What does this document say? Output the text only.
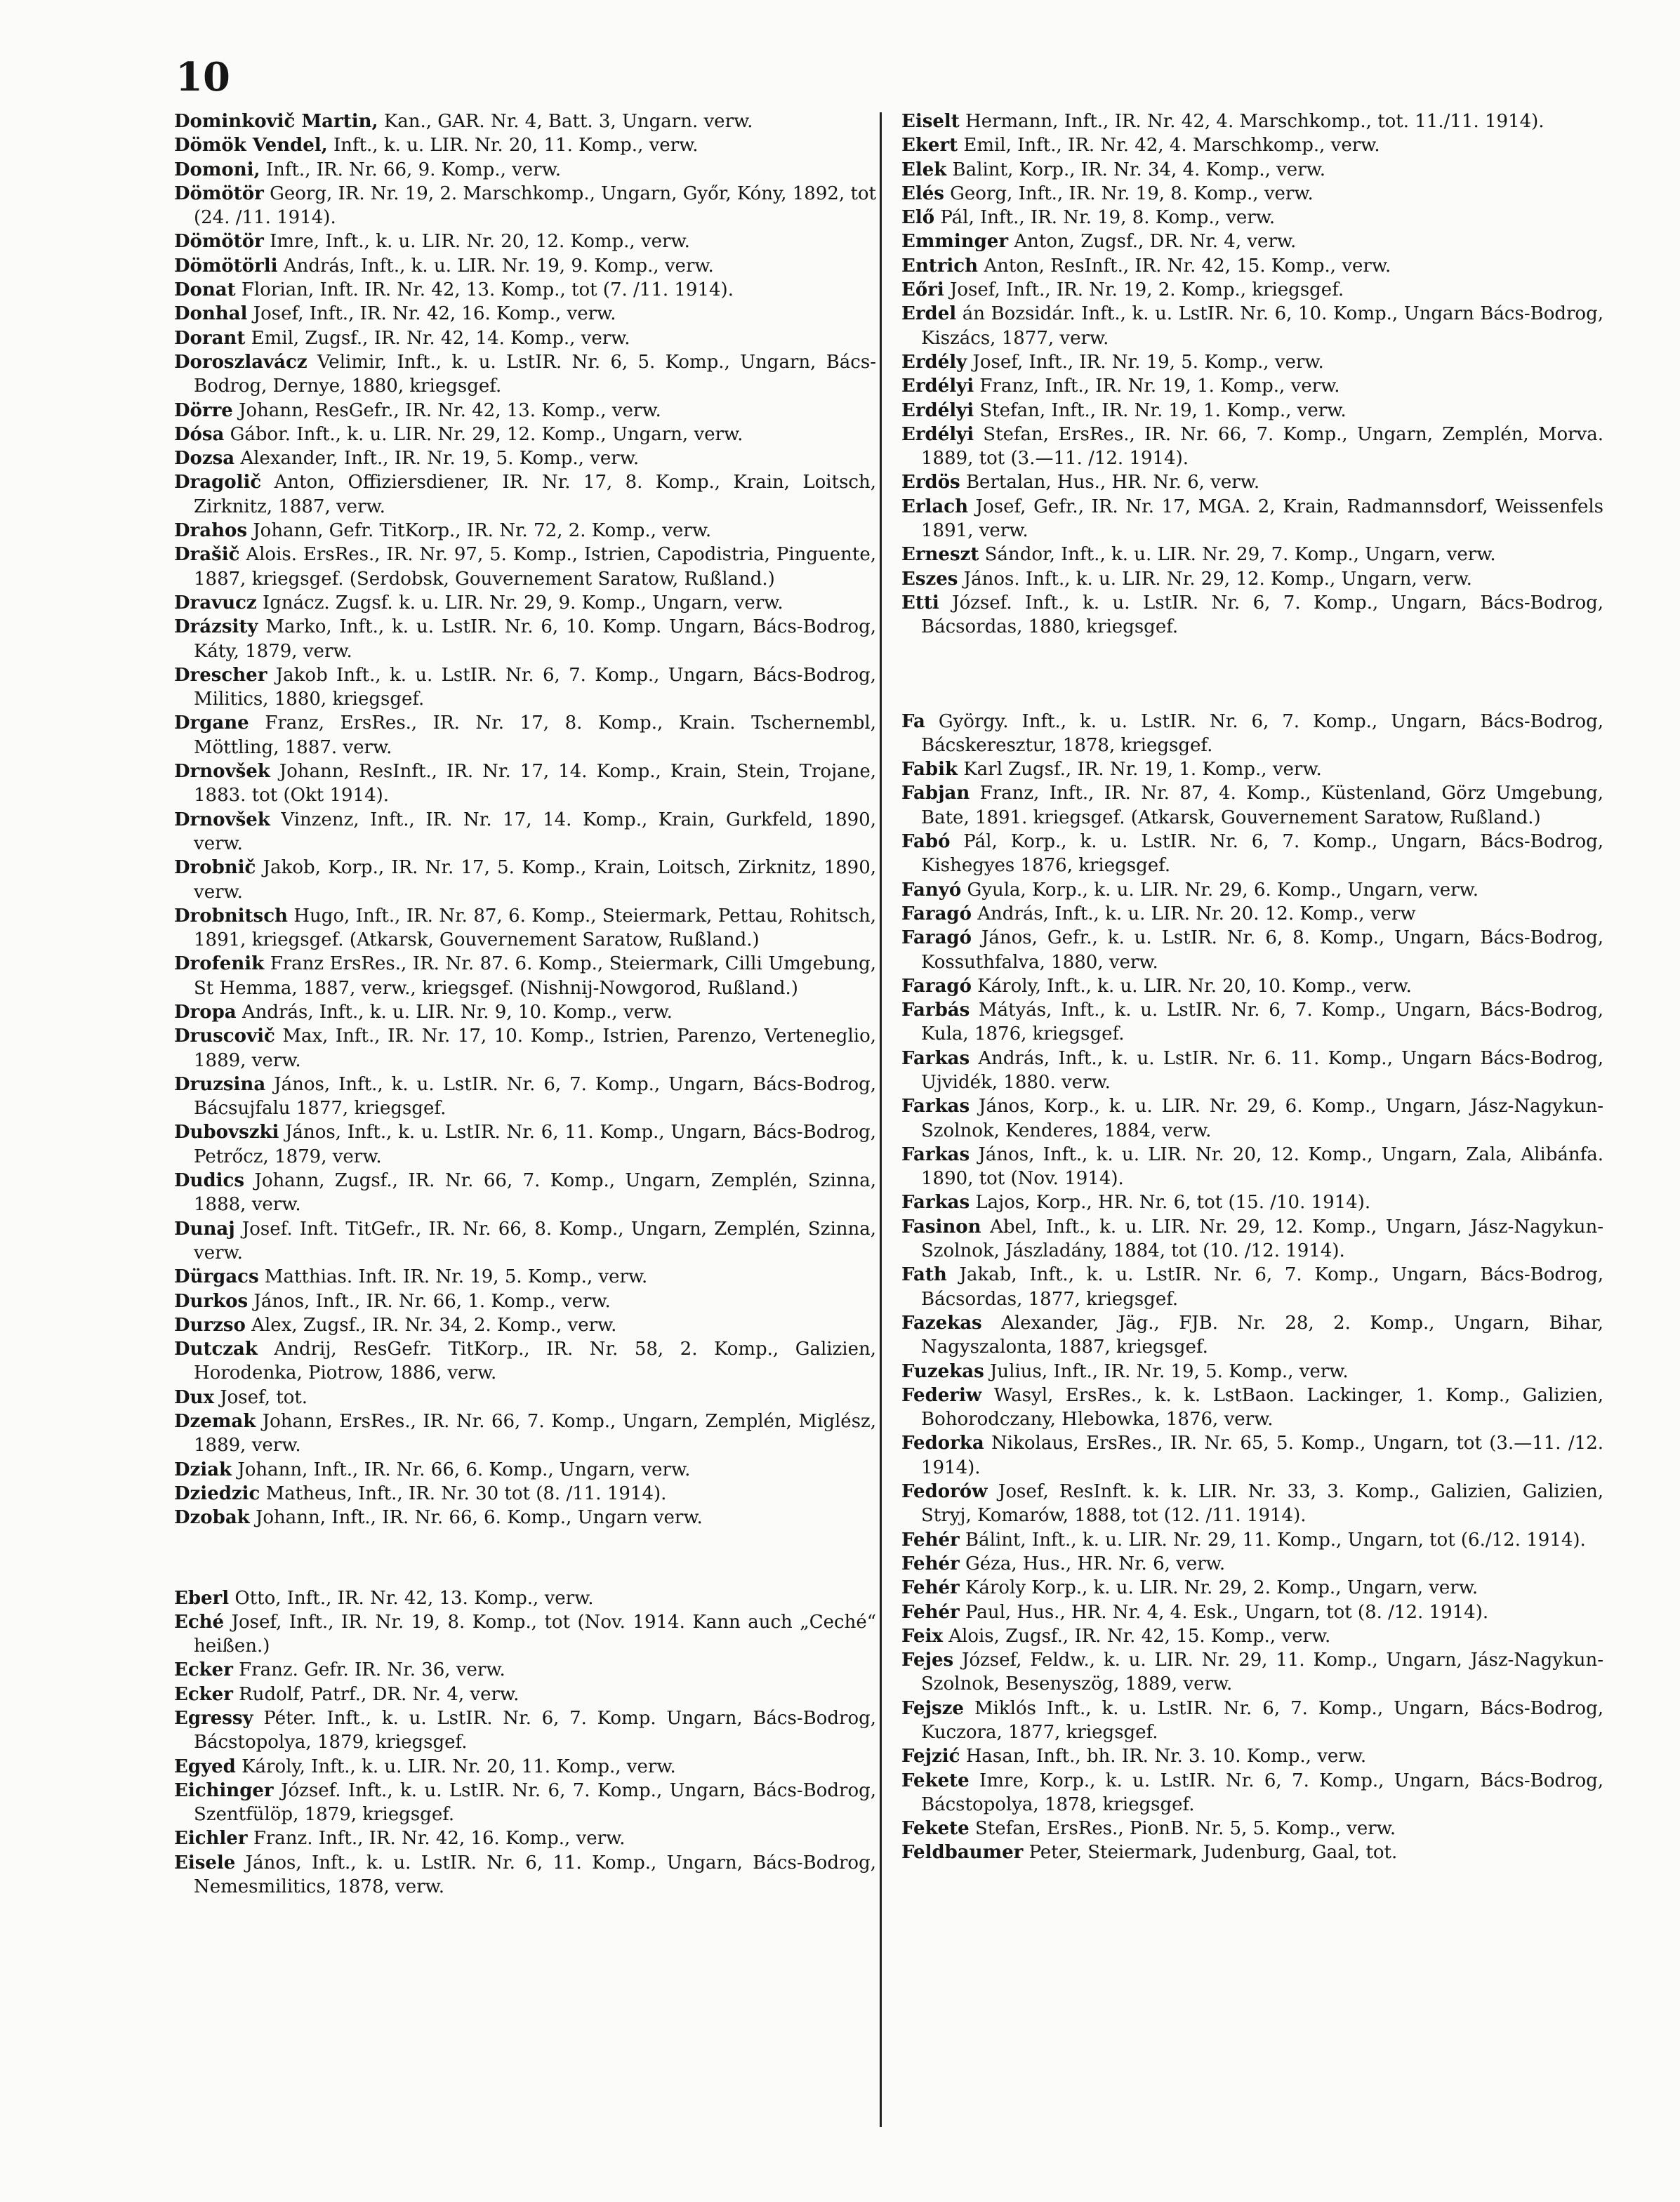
10

Dominkovič Martin, Kan., GAR. Nr. 4, Batt. 3, Ungarn. verw.

Dömök Vendel, Inft., k. u. LIR. Nr. 20, 11. Komp., verw.

Domoni, Inft., IR. Nr. 66, 9. Komp., verw.

Dömötör Georg, IR. Nr. 19, 2. Marschkomp., Ungarn, Győr, Kóny, 1892, tot (24. /11. 1914).

Dömötör Imre, Inft., k. u. LIR. Nr. 20, 12. Komp., verw.

Dömötörli András, Inft., k. u. LIR. Nr. 19, 9. Komp., verw.

Donat Florian, Inft. IR. Nr. 42, 13. Komp., tot (7. /11. 1914).

Donhal Josef, Inft., IR. Nr. 42, 16. Komp., verw.

Dorant Emil, Zugsf., IR. Nr. 42, 14. Komp., verw.

Doroszlavácz Velimir, Inft., k. u. LstIR. Nr. 6, 5. Komp., Ungarn, Bács-Bodrog, Dernye, 1880, kriegsgef.

Dörre Johann, ResGefr., IR. Nr. 42, 13. Komp., verw.

Dósa Gábor. Inft., k. u. LIR. Nr. 29, 12. Komp., Ungarn, verw.

Dozsa Alexander, Inft., IR. Nr. 19, 5. Komp., verw.

Dragolič Anton, Offiziersdiener, IR. Nr. 17, 8. Komp., Krain, Loitsch, Zirknitz, 1887, verw.

Drahos Johann, Gefr. TitKorp., IR. Nr. 72, 2. Komp., verw.

Drašič Alois. ErsRes., IR. Nr. 97, 5. Komp., Istrien, Capodistria, Pinguente, 1887, kriegsgef. (Serdobsk, Gouvernement Saratow, Rußland.)

Dravucz Ignácz. Zugsf. k. u. LIR. Nr. 29, 9. Komp., Ungarn, verw.

Drázsity Marko, Inft., k. u. LstIR. Nr. 6, 10. Komp. Ungarn, Bács-Bodrog, Káty, 1879, verw.

Drescher Jakob Inft., k. u. LstIR. Nr. 6, 7. Komp., Ungarn, Bács-Bodrog, Militics, 1880, kriegsgef.

Drgane Franz, ErsRes., IR. Nr. 17, 8. Komp., Krain. Tschernembl, Möttling, 1887. verw.

Drnovšek Johann, ResInft., IR. Nr. 17, 14. Komp., Krain, Stein, Trojane, 1883. tot (Okt 1914).

Drnovšek Vinzenz, Inft., IR. Nr. 17, 14. Komp., Krain, Gurkfeld, 1890, verw.

Drobnič Jakob, Korp., IR. Nr. 17, 5. Komp., Krain, Loitsch, Zirknitz, 1890, verw.

Drobnitsch Hugo, Inft., IR. Nr. 87, 6. Komp., Steiermark, Pettau, Rohitsch, 1891, kriegsgef. (Atkarsk, Gouvernement Saratow, Rußland.)

Drofenik Franz ErsRes., IR. Nr. 87. 6. Komp., Steiermark, Cilli Umgebung, St Hemma, 1887, verw., kriegsgef. (Nishnij-Nowgorod, Rußland.)

Dropa András, Inft., k. u. LIR. Nr. 9, 10. Komp., verw.

Druscovič Max, Inft., IR. Nr. 17, 10. Komp., Istrien, Parenzo, Verteneglio, 1889, verw.

Druzsina János, Inft., k. u. LstIR. Nr. 6, 7. Komp., Ungarn, Bács-Bodrog, Bácsujfalu 1877, kriegsgef.

Dubovszki János, Inft., k. u. LstIR. Nr. 6, 11. Komp., Ungarn, Bács-Bodrog, Petrőcz, 1879, verw.

Dudics Johann, Zugsf., IR. Nr. 66, 7. Komp., Ungarn, Zemplén, Szinna, 1888, verw.

Dunaj Josef. Inft. TitGefr., IR. Nr. 66, 8. Komp., Ungarn, Zemplén, Szinna, verw.

Dürgacs Matthias. Inft. IR. Nr. 19, 5. Komp., verw.

Durkos János, Inft., IR. Nr. 66, 1. Komp., verw.

Durzso Alex, Zugsf., IR. Nr. 34, 2. Komp., verw.

Dutczak Andrij, ResGefr. TitKorp., IR. Nr. 58, 2. Komp., Galizien, Horodenka, Piotrow, 1886, verw.

Dux Josef, tot.

Dzemak Johann, ErsRes., IR. Nr. 66, 7. Komp., Ungarn, Zemplén, Miglész, 1889, verw.

Dziak Johann, Inft., IR. Nr. 66, 6. Komp., Ungarn, verw.

Dziedzic Matheus, Inft., IR. Nr. 30 tot (8. /11. 1914).

Dzobak Johann, Inft., IR. Nr. 66, 6. Komp., Ungarn verw.

Eberl Otto, Inft., IR. Nr. 42, 13. Komp., verw.

Eché Josef, Inft., IR. Nr. 19, 8. Komp., tot (Nov. 1914. Kann auch „Ceché“ heißen.)

Ecker Franz. Gefr. IR. Nr. 36, verw.

Ecker Rudolf, Patrf., DR. Nr. 4, verw.

Egressy Péter. Inft., k. u. LstIR. Nr. 6, 7. Komp. Ungarn, Bács-Bodrog, Bácstopolya, 1879, kriegsgef.

Egyed Károly, Inft., k. u. LIR. Nr. 20, 11. Komp., verw.

Eichinger József. Inft., k. u. LstIR. Nr. 6, 7. Komp., Ungarn, Bács-Bodrog, Szentfülöp, 1879, kriegsgef.

Eichler Franz. Inft., IR. Nr. 42, 16. Komp., verw.

Eisele János, Inft., k. u. LstIR. Nr. 6, 11. Komp., Ungarn, Bács-Bodrog, Nemesmilitics, 1878, verw.

Eiselt Hermann, Inft., IR. Nr. 42, 4. Marschkomp., tot. 11./11. 1914).

Ekert Emil, Inft., IR. Nr. 42, 4. Marschkomp., verw.

Elek Balint, Korp., IR. Nr. 34, 4. Komp., verw.

Elés Georg, Inft., IR. Nr. 19, 8. Komp., verw.

Elő Pál, Inft., IR. Nr. 19, 8. Komp., verw.

Emminger Anton, Zugsf., DR. Nr. 4, verw.

Entrich Anton, ResInft., IR. Nr. 42, 15. Komp., verw.

Eőri Josef, Inft., IR. Nr. 19, 2. Komp., kriegsgef.

Erdel án Bozsidár. Inft., k. u. LstIR. Nr. 6, 10. Komp., Ungarn Bács-Bodrog, Kiszács, 1877, verw.

Erdély Josef, Inft., IR. Nr. 19, 5. Komp., verw.

Erdélyi Franz, Inft., IR. Nr. 19, 1. Komp., verw.

Erdélyi Stefan, Inft., IR. Nr. 19, 1. Komp., verw.

Erdélyi Stefan, ErsRes., IR. Nr. 66, 7. Komp., Ungarn, Zemplén, Morva. 1889, tot (3.—11. /12. 1914).

Erdös Bertalan, Hus., HR. Nr. 6, verw.

Erlach Josef, Gefr., IR. Nr. 17, MGA. 2, Krain, Radmannsdorf, Weissenfels 1891, verw.

Erneszt Sándor, Inft., k. u. LIR. Nr. 29, 7. Komp., Ungarn, verw.

Eszes János. Inft., k. u. LIR. Nr. 29, 12. Komp., Ungarn, verw.

Etti József. Inft., k. u. LstIR. Nr. 6, 7. Komp., Ungarn, Bács-Bodrog, Bácsordas, 1880, kriegsgef.

Fa György. Inft., k. u. LstIR. Nr. 6, 7. Komp., Ungarn, Bács-Bodrog, Bácskeresztur, 1878, kriegsgef.

Fabik Karl Zugsf., IR. Nr. 19, 1. Komp., verw.

Fabjan Franz, Inft., IR. Nr. 87, 4. Komp., Küstenland, Görz Umgebung, Bate, 1891. kriegsgef. (Atkarsk, Gouvernement Saratow, Rußland.)

Fabó Pál, Korp., k. u. LstIR. Nr. 6, 7. Komp., Ungarn, Bács-Bodrog, Kishegyes 1876, kriegsgef.

Fanyó Gyula, Korp., k. u. LIR. Nr. 29, 6. Komp., Ungarn, verw.

Faragó András, Inft., k. u. LIR. Nr. 20. 12. Komp., verw

Faragó János, Gefr., k. u. LstIR. Nr. 6, 8. Komp., Ungarn, Bács-Bodrog, Kossuthfalva, 1880, verw.

Faragó Károly, Inft., k. u. LIR. Nr. 20, 10. Komp., verw.

Farbás Mátyás, Inft., k. u. LstIR. Nr. 6, 7. Komp., Ungarn, Bács-Bodrog, Kula, 1876, kriegsgef.

Farkas András, Inft., k. u. LstIR. Nr. 6. 11. Komp., Ungarn Bács-Bodrog, Ujvidék, 1880. verw.

Farkas János, Korp., k. u. LIR. Nr. 29, 6. Komp., Ungarn, Jász-Nagykun-Szolnok, Kenderes, 1884, verw.

Farkas János, Inft., k. u. LIR. Nr. 20, 12. Komp., Ungarn, Zala, Alibánfa. 1890, tot (Nov. 1914).

Farkas Lajos, Korp., HR. Nr. 6, tot (15. /10. 1914).

Fasinon Abel, Inft., k. u. LIR. Nr. 29, 12. Komp., Ungarn, Jász-Nagykun-Szolnok, Jászladány, 1884, tot (10. /12. 1914).

Fath Jakab, Inft., k. u. LstIR. Nr. 6, 7. Komp., Ungarn, Bács-Bodrog, Bácsordas, 1877, kriegsgef.

Fazekas Alexander, Jäg., FJB. Nr. 28, 2. Komp., Ungarn, Bihar, Nagyszalonta, 1887, kriegsgef.

Fuzekas Julius, Inft., IR. Nr. 19, 5. Komp., verw.

Federiw Wasyl, ErsRes., k. k. LstBaon. Lackinger, 1. Komp., Galizien, Bohorodczany, Hlebowka, 1876, verw.

Fedorka Nikolaus, ErsRes., IR. Nr. 65, 5. Komp., Ungarn, tot (3.—11. /12. 1914).

Fedorów Josef, ResInft. k. k. LIR. Nr. 33, 3. Komp., Galizien, Galizien, Stryj, Komarów, 1888, tot (12. /11. 1914).

Fehér Bálint, Inft., k. u. LIR. Nr. 29, 11. Komp., Ungarn, tot (6./12. 1914).

Fehér Géza, Hus., HR. Nr. 6, verw.

Fehér Károly Korp., k. u. LIR. Nr. 29, 2. Komp., Ungarn, verw.

Fehér Paul, Hus., HR. Nr. 4, 4. Esk., Ungarn, tot (8. /12. 1914).

Feix Alois, Zugsf., IR. Nr. 42, 15. Komp., verw.

Fejes József, Feldw., k. u. LIR. Nr. 29, 11. Komp., Ungarn, Jász-Nagykun-Szolnok, Besenyszög, 1889, verw.

Fejsze Miklós Inft., k. u. LstIR. Nr. 6, 7. Komp., Ungarn, Bács-Bodrog, Kuczora, 1877, kriegsgef.

Fejzić Hasan, Inft., bh. IR. Nr. 3. 10. Komp., verw.

Fekete Imre, Korp., k. u. LstIR. Nr. 6, 7. Komp., Ungarn, Bács-Bodrog, Bácstopolya, 1878, kriegsgef.

Fekete Stefan, ErsRes., PionB. Nr. 5, 5. Komp., verw.

Feldbaumer Peter, Steiermark, Judenburg, Gaal, tot.
